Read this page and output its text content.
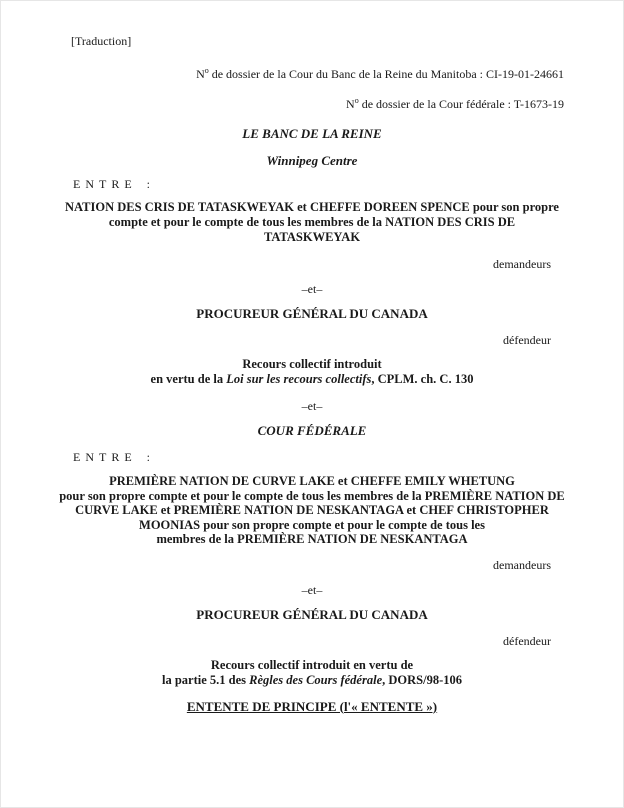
[Traduction]
$N^o$ de dossier de la Cour du Banc de la Reine du Manitoba : CI-19-01-24661
$N^o$ de dossier de la Cour fédérale : T-1673-19
LE BANC DE LA REINE
Winnipeg Centre
ENTRE :
NATION DES CRIS DE TATASKWEYAK et CHEFFE DOREEN SPENCE pour son propre
compte et pour le compte de tous les membres de la NATION DES CRIS DE
TATASKWEYAK
demandeurs
–et–
PROCUREUR GÉNÉRAL DU CANADA
défendeur
Recours collectif introduit
en vertu de la Loi sur les recours collectifs, CPLM. ch. C. 130
–et–
COUR FÉDÉRALE
ENTRE :
PREMIÈRE NATION DE CURVE LAKE et CHEFFE EMILY WHETUNG
pour son propre compte et pour le compte de tous les membres de la PREMIÈRE NATION DE
CURVE LAKE et PREMIÈRE NATION DE NESKANTAGA et CHEF CHRISTOPHER
MOONIAS pour son propre compte et pour le compte de tous les
membres de la PREMIÈRE NATION DE NESKANTAGA
demandeurs
–et–
PROCUREUR GÉNÉRAL DU CANADA
défendeur
Recours collectif introduit en vertu de
la partie 5.1 des Règles des Cours fédérale, DORS/98-106
ENTENTE DE PRINCIPE (l'« ENTENTE »)
